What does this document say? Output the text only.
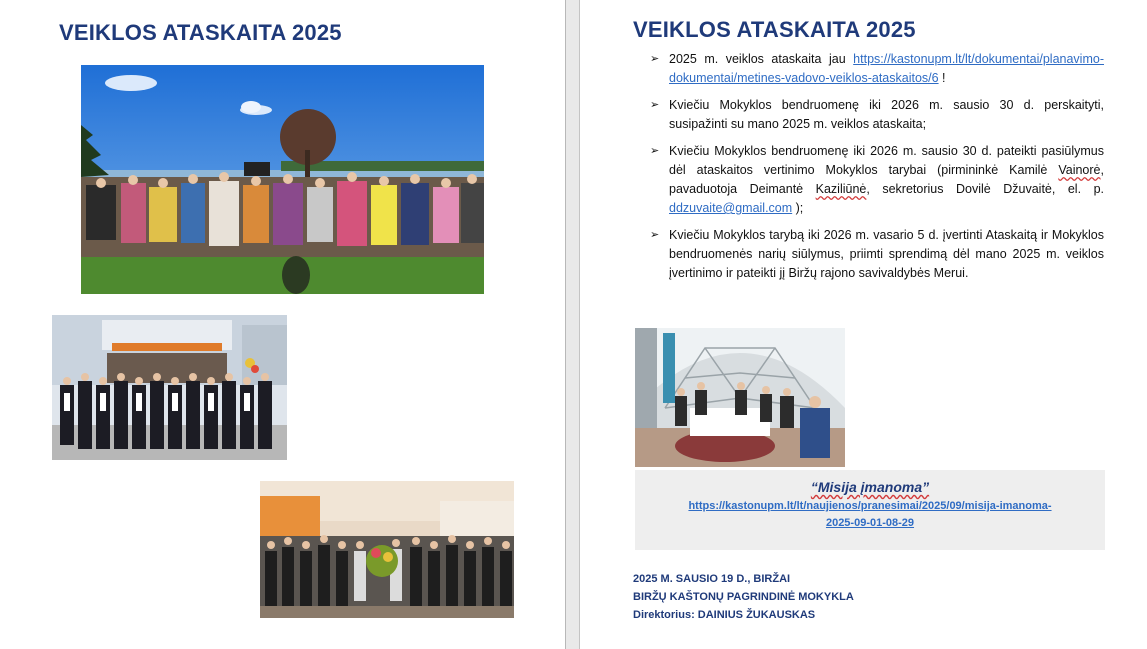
VEIKLOS ATASKAITA 2025	VEIKLOS ATASKAITA 2025
➢ 2025 m. veiklos ataskaita jau https://kastonupm.lt/lt/dokumentai/planavimo-dokumentai/metines-vadovo-veiklos-ataskaitos/6 !
➢ Kviečiu Mokyklos bendruomenę iki 2026 m. sausio 30 d. perskaityti, susipažinti su mano 2025 m. veiklos ataskaita;
➢ Kviečiu Mokyklos bendruomenę iki 2026 m. sausio 30 d. pateikti pasiūlymus dėl ataskaitos vertinimo Mokyklos tarybai (pirmininkė Kamilė Vainorė, pavaduotoja Deimantė Kaziliūnė, sekretorius Dovilė Džuvaitė, el. p. ddzuvaite@gmail.com );
➢ Kviečiu Mokyklos tarybą iki 2026 m. vasario 5 d. įvertinti Ataskaitą ir Mokyklos bendruomenės narių siūlymus, priimti sprendimą dėl mano 2025 m. veiklos įvertinimo ir pateikti jį Biržų rajono savivaldybės Merui.
“Misija įmanoma”
https://kastonupm.lt/lt/naujienos/pranesimai/2025/09/misija-imanoma-2025-09-01-08-29
2025 M. SAUSIO 19 D., BIRŽAI
BIRŽŲ KAŠTONŲ PAGRINDINĖ MOKYKLA
Direktorius: DAINIUS ŽUKAUSKAS
